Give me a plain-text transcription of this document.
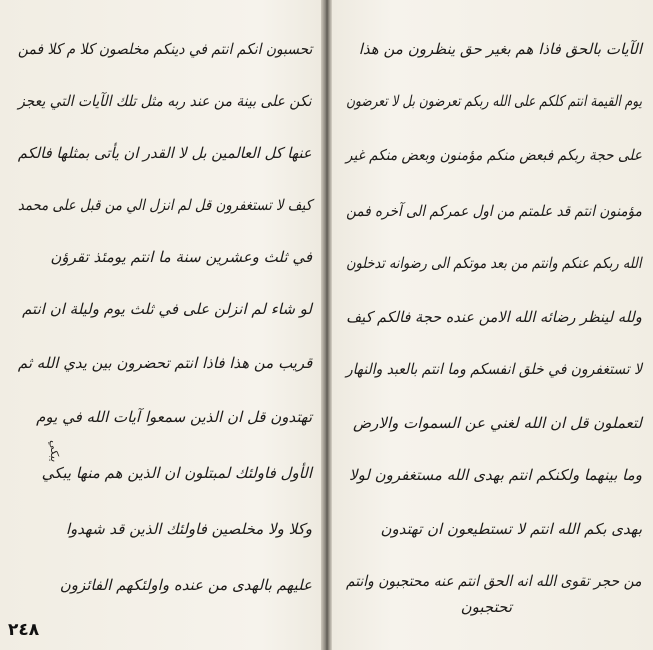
تحسبون انكم انتم في دينكم مخلصون كلا م كلا فمن
نكن على بينة من عند ربه مثل تلك الآيات التي يعجز
عنها كل العالمين بل لا القدر ان يأتى بمثلها فالكم
كيف لا تستغفرون قل لم انزل الي من قبل على محمد
في ثلث وعشرين سنة ما انتم يومئذ تقرؤن
لو شاء لم انزلن على في ثلث يوم وليلة ان انتم
قريب من هذا فاذا انتم تحضرون بين يدي الله ثم
تهتدون قل ان الذين سمعوا آيات الله في يوم
الأول فاولئك لمبتلون ان الذين هم منها يبكي
وكلا ولا مخلصين فاولئك الذين قد شهدوا
عليهم بالهدى من عنده واولئكهم الفائزون
الآيات بالحق فاذا هم بغير حق ينظرون من هذا
يوم القيمة انتم كلكم على الله ربكم تعرضون بل لا تعرضون
على حجة ربكم فبعض منكم مؤمنون وبعض منكم غير
مؤمنون انتم قد علمتم من اول عمركم الى آخره فمن
الله ربكم عنكم وانتم من بعد موتكم الى رضوانه تدخلون
ولله لينظر رضائه الله الامن عنده حجة فالكم كيف
لا تستغفرون في خلق انفسكم وما انتم بالعبد والنهار
لتعملون قل ان الله لغني عن السموات والارض
وما بينهما ولكنكم انتم بهدى الله مستغفرون لولا
بهدى بكم الله انتم لا تستطيعون ان تهتدون
من حجر تقوى الله انه الحق انتم عنه محتجبون وانتم
تحتجبون
يبكي
٢٤٨
